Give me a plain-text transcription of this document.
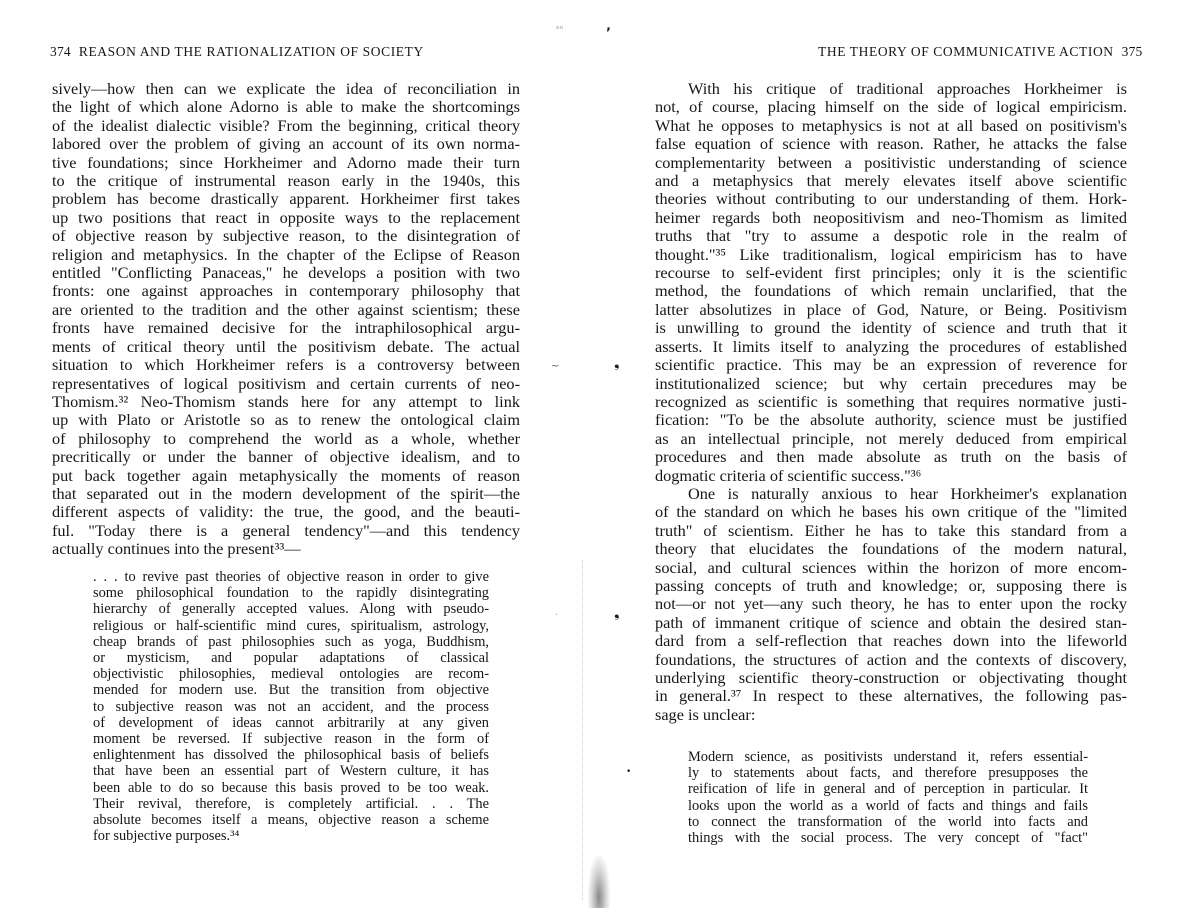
374 REASON AND THE RATIONALIZATION OF SOCIETY
sively—how then can we explicate the idea of reconciliation in
the light of which alone Adorno is able to make the shortcomings
of the idealist dialectic visible? From the beginning, critical theory
labored over the problem of giving an account of its own norma-
tive foundations; since Horkheimer and Adorno made their turn
to the critique of instrumental reason early in the 1940s, this
problem has become drastically apparent. Horkheimer first takes
up two positions that react in opposite ways to the replacement
of objective reason by subjective reason, to the disintegration of
religion and metaphysics. In the chapter of the Eclipse of Reason
entitled "Conflicting Panaceas," he develops a position with two
fronts: one against approaches in contemporary philosophy that
are oriented to the tradition and the other against scientism; these
fronts have remained decisive for the intraphilosophical argu-
ments of critical theory until the positivism debate. The actual
situation to which Horkheimer refers is a controversy between
representatives of logical positivism and certain currents of neo-
Thomism.³² Neo-Thomism stands here for any attempt to link
up with Plato or Aristotle so as to renew the ontological claim
of philosophy to comprehend the world as a whole, whether
precritically or under the banner of objective idealism, and to
put back together again metaphysically the moments of reason
that separated out in the modern development of the spirit—the
different aspects of validity: the true, the good, and the beauti-
ful. "Today there is a general tendency"—and this tendency
actually continues into the present³³—
. . . to revive past theories of objective reason in order to give
some philosophical foundation to the rapidly disintegrating
hierarchy of generally accepted values. Along with pseudo-
religious or half-scientific mind cures, spiritualism, astrology,
cheap brands of past philosophies such as yoga, Buddhism,
or mysticism, and popular adaptations of classical
objectivistic philosophies, medieval ontologies are recom-
mended for modern use. But the transition from objective
to subjective reason was not an accident, and the process
of development of ideas cannot arbitrarily at any given
moment be reversed. If subjective reason in the form of
enlightenment has dissolved the philosophical basis of beliefs
that have been an essential part of Western culture, it has
been able to do so because this basis proved to be too weak.
Their revival, therefore, is completely artificial. . . The
absolute becomes itself a means, objective reason a scheme
for subjective purposes.³⁴
ᵉᵒ	ʼ
~	❟
❟
·
•
THE THEORY OF COMMUNICATIVE ACTION 375
With his critique of traditional approaches Horkheimer is
not, of course, placing himself on the side of logical empiricism.
What he opposes to metaphysics is not at all based on positivism's
false equation of science with reason. Rather, he attacks the false
complementarity between a positivistic understanding of science
and a metaphysics that merely elevates itself above scientific
theories without contributing to our understanding of them. Hork-
heimer regards both neopositivism and neo-Thomism as limited
truths that "try to assume a despotic role in the realm of
thought."³⁵ Like traditionalism, logical empiricism has to have
recourse to self-evident first principles; only it is the scientific
method, the foundations of which remain unclarified, that the
latter absolutizes in place of God, Nature, or Being. Positivism
is unwilling to ground the identity of science and truth that it
asserts. It limits itself to analyzing the procedures of established
scientific practice. This may be an expression of reverence for
institutionalized science; but why certain precedures may be
recognized as scientific is something that requires normative justi-
fication: "To be the absolute authority, science must be justified
as an intellectual principle, not merely deduced from empirical
procedures and then made absolute as truth on the basis of
dogmatic criteria of scientific success."³⁶
One is naturally anxious to hear Horkheimer's explanation
of the standard on which he bases his own critique of the "limited
truth" of scientism. Either he has to take this standard from a
theory that elucidates the foundations of the modern natural,
social, and cultural sciences within the horizon of more encom-
passing concepts of truth and knowledge; or, supposing there is
not—or not yet—any such theory, he has to enter upon the rocky
path of immanent critique of science and obtain the desired stan-
dard from a self-reflection that reaches down into the lifeworld
foundations, the structures of action and the contexts of discovery,
underlying scientific theory-construction or objectivating thought
in general.³⁷ In respect to these alternatives, the following pas-
sage is unclear:
Modern science, as positivists understand it, refers essential-
ly to statements about facts, and therefore presupposes the
reification of life in general and of perception in particular. It
looks upon the world as a world of facts and things and fails
to connect the transformation of the world into facts and
things with the social process. The very concept of "fact"
